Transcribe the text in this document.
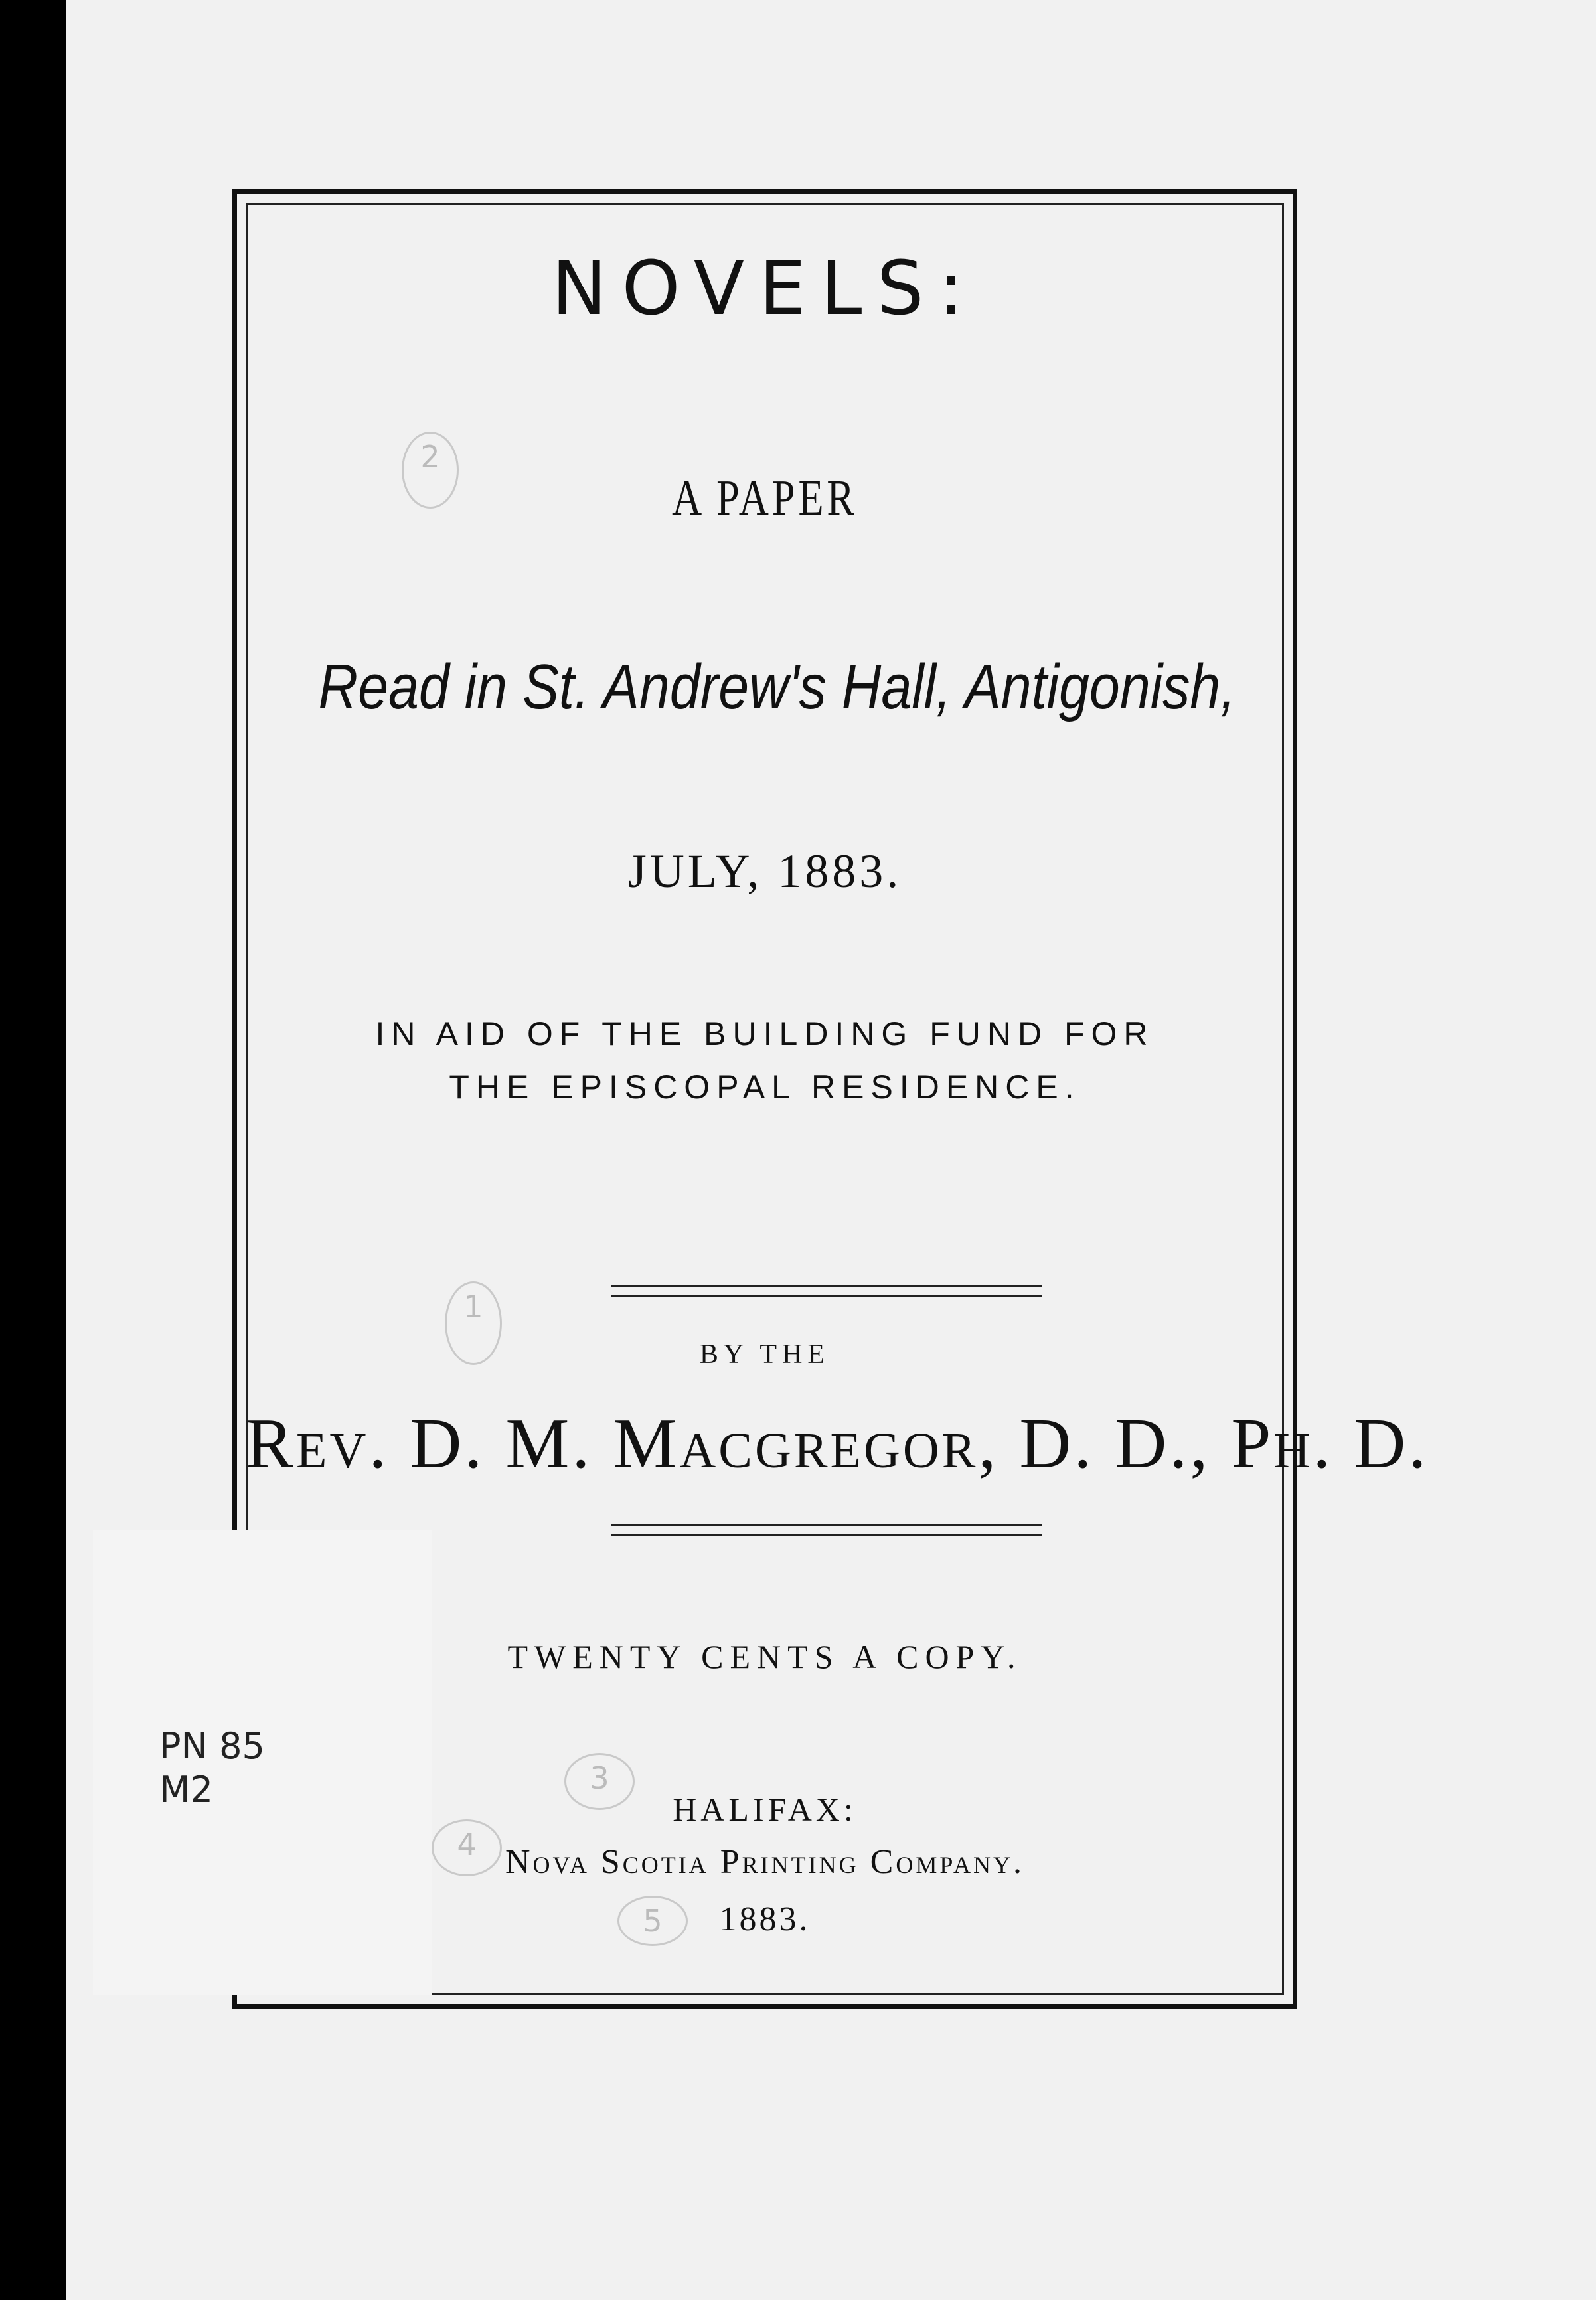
NOVELS:
A PAPER
Read in St. Andrew's Hall, Antigonish,
JULY, 1883.
IN AID OF THE BUILDING FUND FOR
THE EPISCOPAL RESIDENCE.
BY THE
Rev. D. M. Macgregor, D. D., Ph. D.
TWENTY CENTS A COPY.
HALIFAX:
Nova Scotia Printing Company.
1883.
PN 85
M2
2
1
3
4
5
